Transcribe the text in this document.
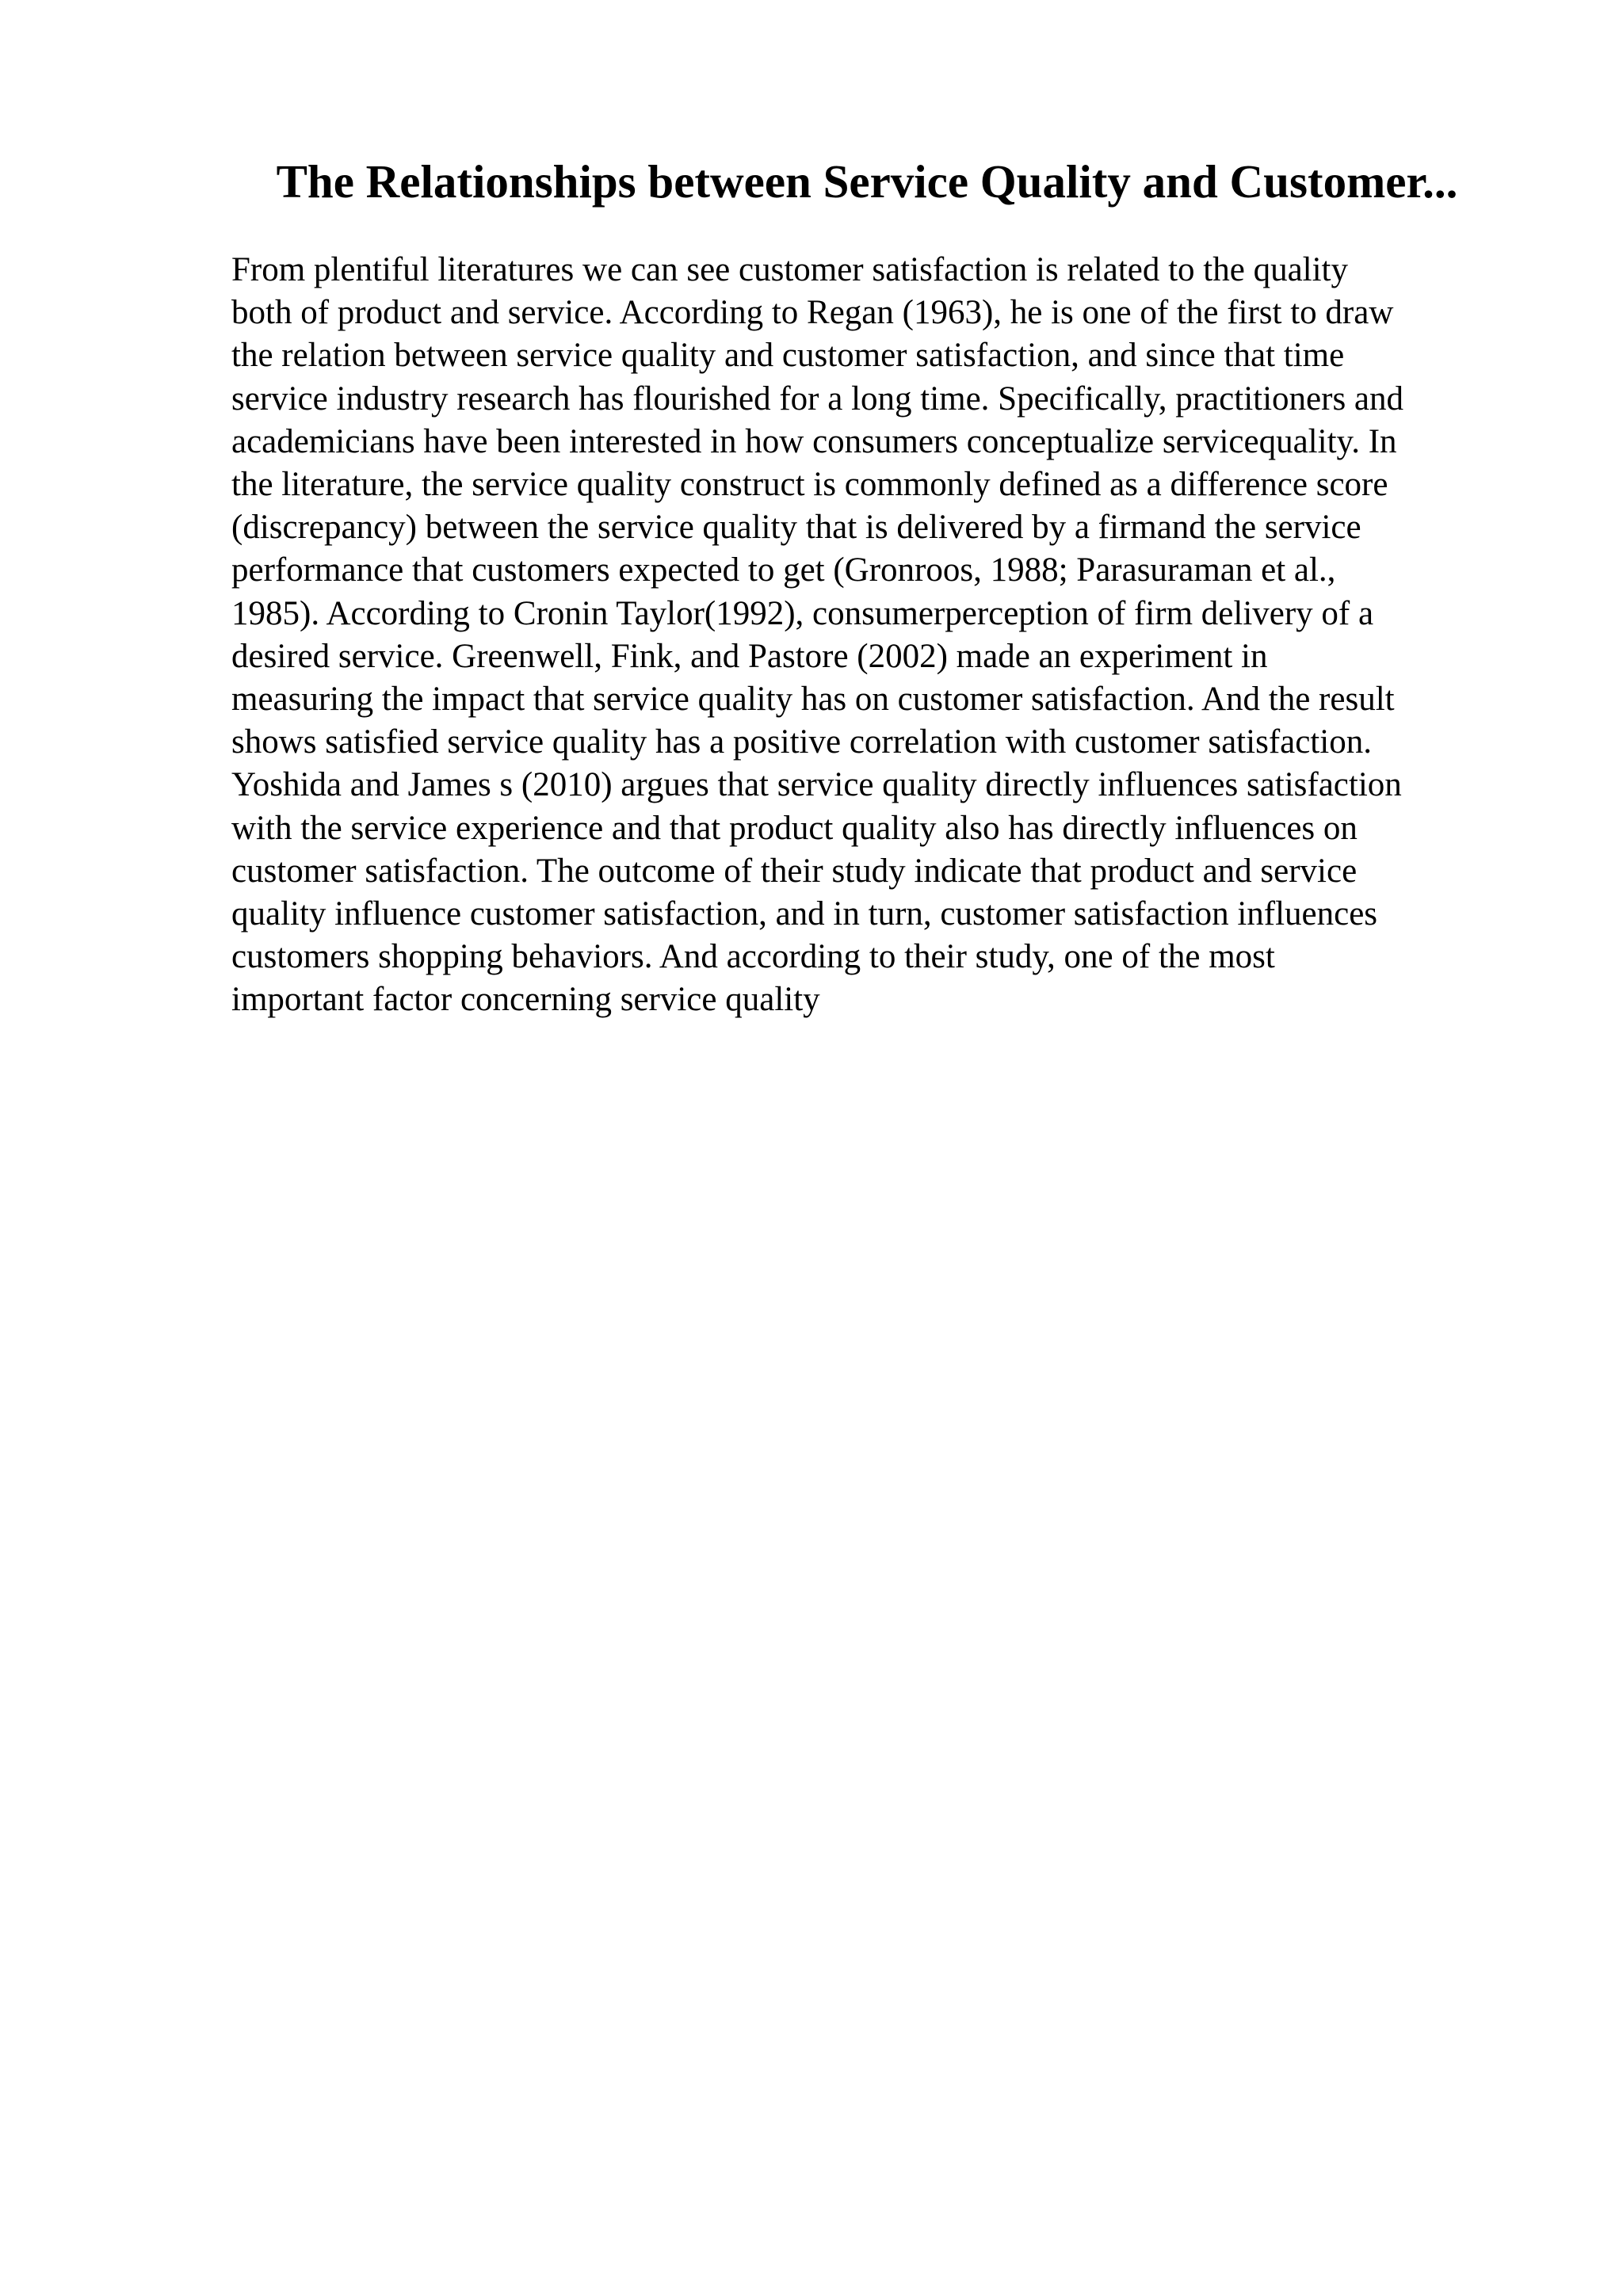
The Relationships between Service Quality and Customer...
From plentiful literatures we can see customer satisfaction is related to the quality
both of product and service. According to Regan (1963), he is one of the first to draw
the relation between service quality and customer satisfaction, and since that time
service industry research has flourished for a long time. Specifically, practitioners and
academicians have been interested in how consumers conceptualize servicequality. In
the literature, the service quality construct is commonly defined as a difference score
(discrepancy) between the service quality that is delivered by a firmand the service
performance that customers expected to get (Gronroos, 1988; Parasuraman et al.,
1985). According to Cronin Taylor(1992), consumerperception of firm delivery of a
desired service. Greenwell, Fink, and Pastore (2002) made an experiment in
measuring the impact that service quality has on customer satisfaction. And the result
shows satisfied service quality has a positive correlation with customer satisfaction.
Yoshida and James s (2010) argues that service quality directly influences satisfaction
with the service experience and that product quality also has directly influences on
customer satisfaction. The outcome of their study indicate that product and service
quality influence customer satisfaction, and in turn, customer satisfaction influences
customers shopping behaviors. And according to their study, one of the most
important factor concerning service quality
